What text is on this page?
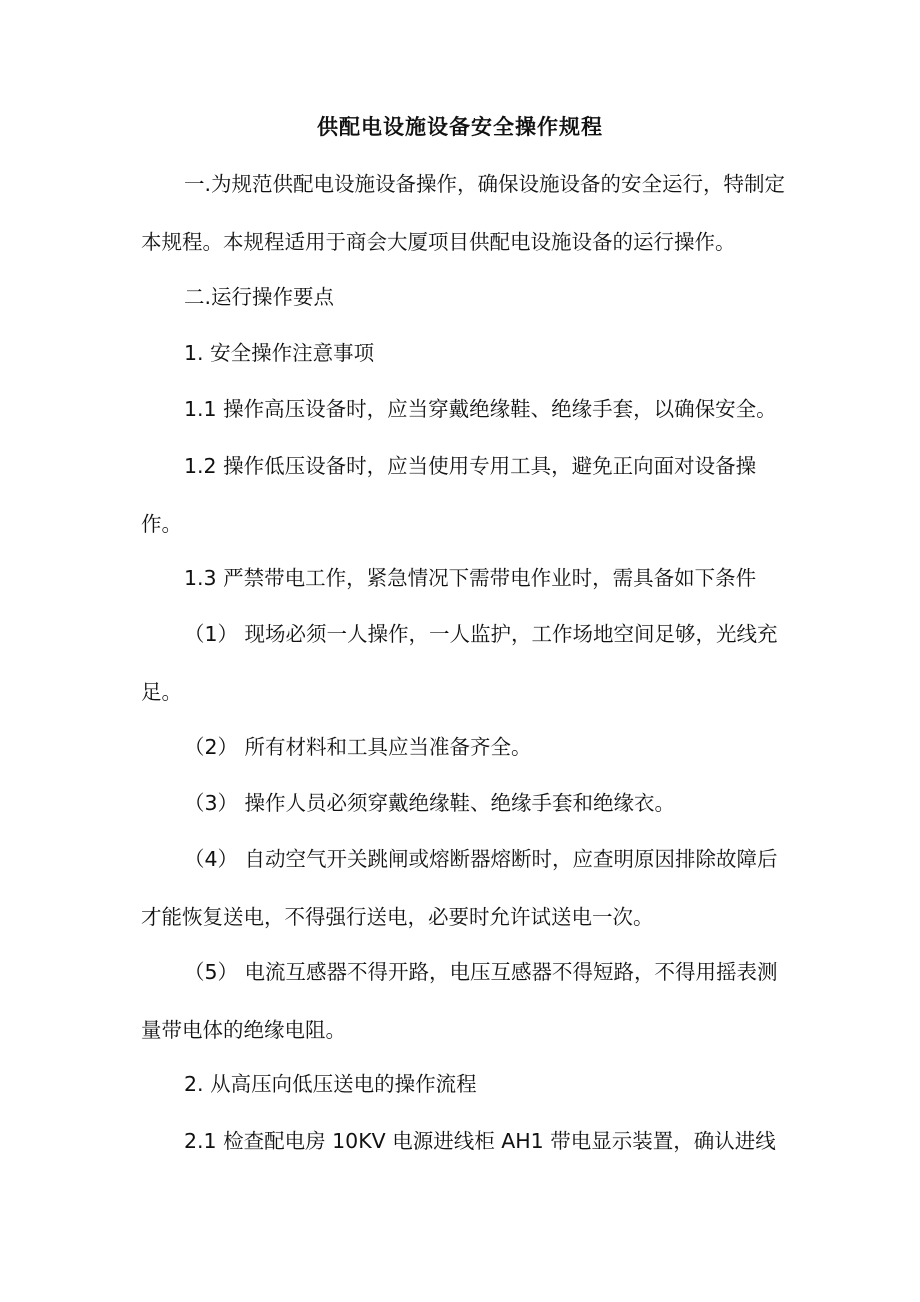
供配电设施设备安全操作规程

一.为规范供配电设施设备操作，确保设施设备的安全运行，特制定本规程。本规程适用于商会大厦项目供配电设施设备的运行操作。

二.运行操作要点

1. 安全操作注意事项

1.1 操作高压设备时，应当穿戴绝缘鞋、绝缘手套，以确保安全。

1.2 操作低压设备时，应当使用专用工具，避免正向面对设备操作。

1.3 严禁带电工作，紧急情况下需带电作业时，需具备如下条件

（1） 现场必须一人操作，一人监护，工作场地空间足够，光线充足。

（2） 所有材料和工具应当准备齐全。

（3） 操作人员必须穿戴绝缘鞋、绝缘手套和绝缘衣。

（4） 自动空气开关跳闸或熔断器熔断时，应查明原因排除故障后才能恢复送电，不得强行送电，必要时允许试送电一次。

（5） 电流互感器不得开路，电压互感器不得短路，不得用摇表测量带电体的绝缘电阻。

2. 从高压向低压送电的操作流程

2.1 检查配电房 10KV 电源进线柜 AH1 带电显示装置，确认进线
